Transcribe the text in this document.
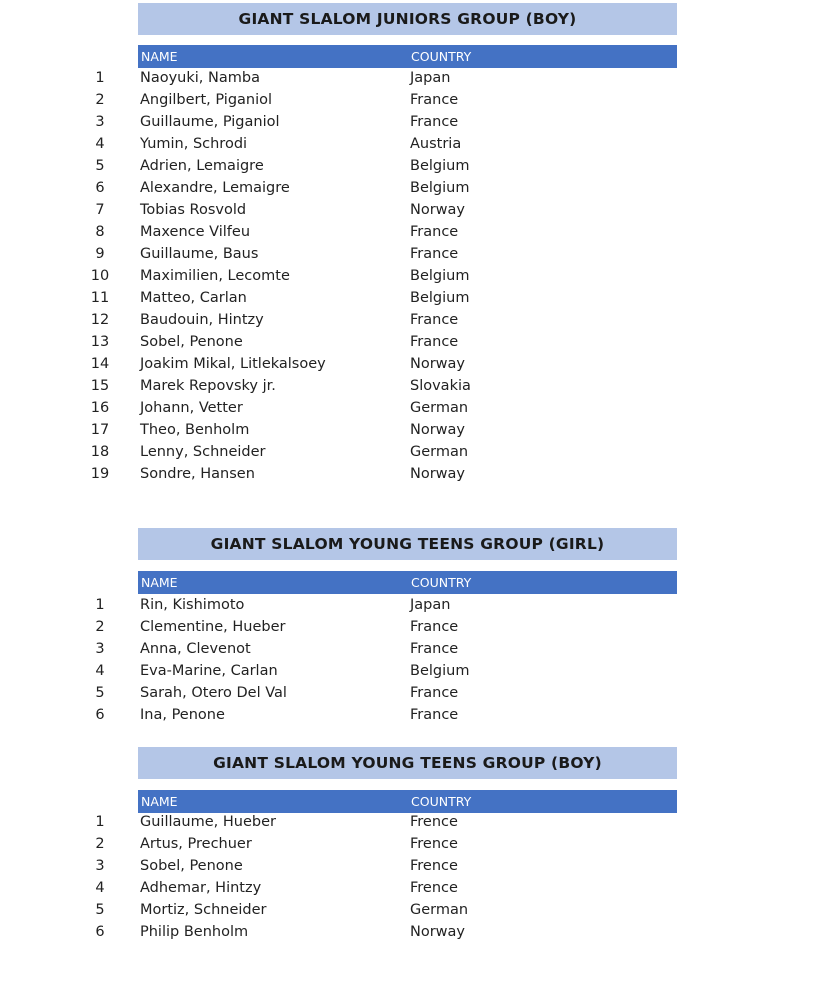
GIANT SLALOM JUNIORS GROUP (BOY)
NAME	COUNTRY
1	Naoyuki, Namba	Japan
2	Angilbert, Piganiol	France
3	Guillaume, Piganiol	France
4	Yumin, Schrodi	Austria
5	Adrien, Lemaigre	Belgium
6	Alexandre, Lemaigre	Belgium
7	Tobias Rosvold	Norway
8	Maxence Vilfeu	France
9	Guillaume, Baus	France
10	Maximilien, Lecomte	Belgium
11	Matteo, Carlan	Belgium
12	Baudouin, Hintzy	France
13	Sobel, Penone	France
14	Joakim Mikal, Litlekalsoey	Norway
15	Marek Repovsky jr.	Slovakia
16	Johann, Vetter	German
17	Theo, Benholm	Norway
18	Lenny, Schneider	German
19	Sondre, Hansen	Norway
GIANT SLALOM YOUNG TEENS GROUP (GIRL)
NAME	COUNTRY
1	Rin, Kishimoto	Japan
2	Clementine, Hueber	France
3	Anna, Clevenot	France
4	Eva-Marine, Carlan	Belgium
5	Sarah, Otero Del Val	France
6	Ina, Penone	France
GIANT SLALOM YOUNG TEENS GROUP (BOY)
NAME	COUNTRY
1	Guillaume, Hueber	Frence
2	Artus, Prechuer	Frence
3	Sobel, Penone	Frence
4	Adhemar, Hintzy	Frence
5	Mortiz, Schneider	German
6	Philip Benholm	Norway
